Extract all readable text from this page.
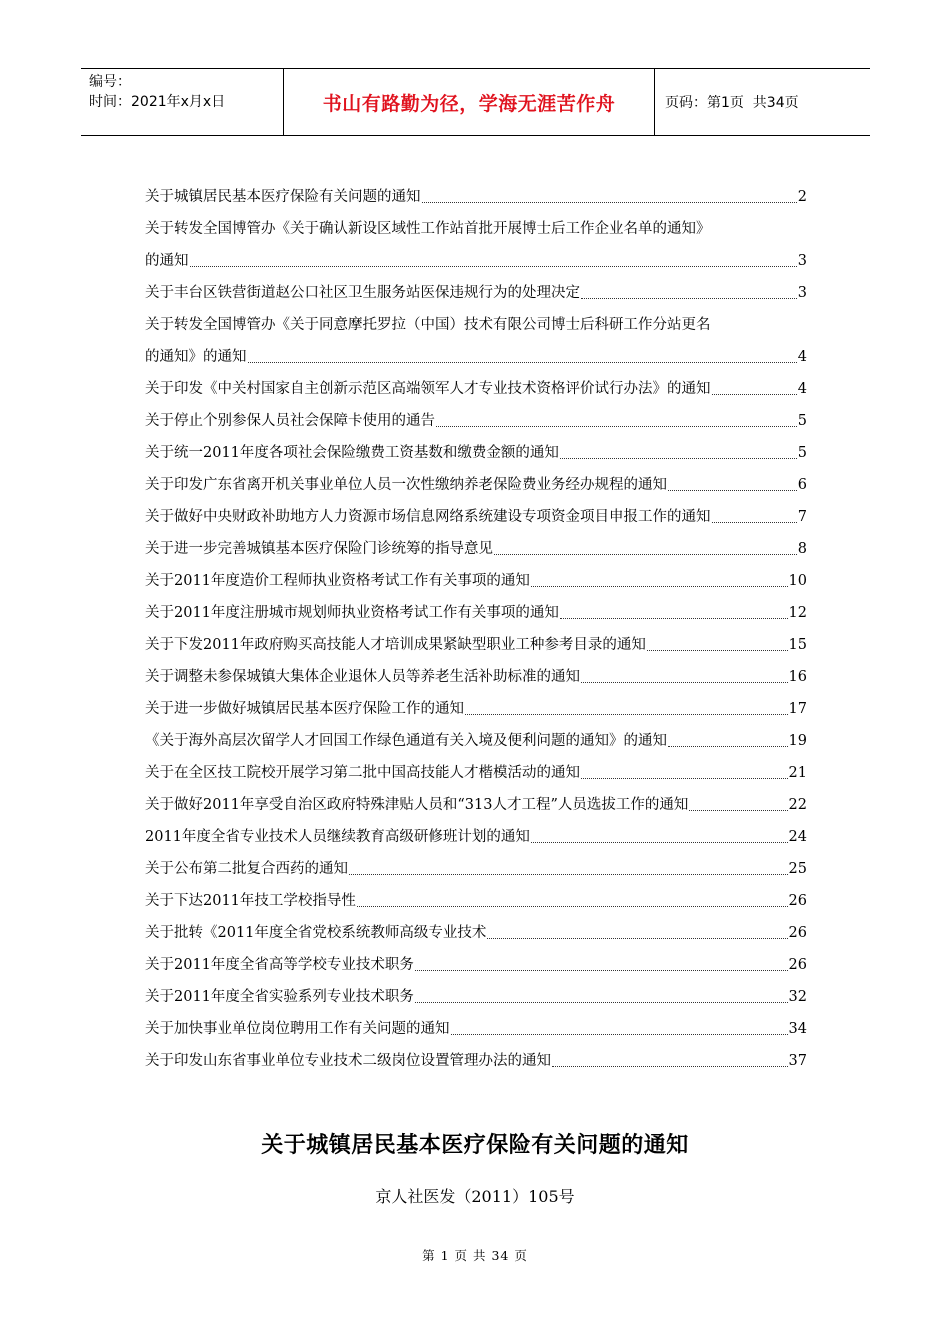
编号：
时间：2021年x月x日	书山有路勤为径，学海无涯苦作舟	页码：第1页  共34页
关于城镇居民基本医疗保险有关问题的通知	2
关于转发全国博管办《关于确认新设区域性工作站首批开展博士后工作企业名单的通知》
的通知	3
关于丰台区铁营街道赵公口社区卫生服务站医保违规行为的处理决定	3
关于转发全国博管办《关于同意摩托罗拉（中国）技术有限公司博士后科研工作分站更名
的通知》的通知	4
关于印发《中关村国家自主创新示范区高端领军人才专业技术资格评价试行办法》的通知	4
关于停止个别参保人员社会保障卡使用的通告	5
关于统一2011年度各项社会保险缴费工资基数和缴费金额的通知	5
关于印发广东省离开机关事业单位人员一次性缴纳养老保险费业务经办规程的通知	6
关于做好中央财政补助地方人力资源市场信息网络系统建设专项资金项目申报工作的通知	7
关于进一步完善城镇基本医疗保险门诊统筹的指导意见	8
关于2011年度造价工程师执业资格考试工作有关事项的通知	10
关于2011年度注册城市规划师执业资格考试工作有关事项的通知	12
关于下发2011年政府购买高技能人才培训成果紧缺型职业工种参考目录的通知	15
关于调整未参保城镇大集体企业退休人员等养老生活补助标准的通知	16
关于进一步做好城镇居民基本医疗保险工作的通知	17
《关于海外高层次留学人才回国工作绿色通道有关入境及便利问题的通知》的通知	19
关于在全区技工院校开展学习第二批中国高技能人才楷模活动的通知	21
关于做好2011年享受自治区政府特殊津贴人员和“313人才工程”人员选拔工作的通知	22
2011年度全省专业技术人员继续教育高级研修班计划的通知	24
关于公布第二批复合西药的通知	25
关于下达2011年技工学校指导性	26
关于批转《2011年度全省党校系统教师高级专业技术	26
关于2011年度全省高等学校专业技术职务	26
关于2011年度全省实验系列专业技术职务	32
关于加快事业单位岗位聘用工作有关问题的通知	34
关于印发山东省事业单位专业技术二级岗位设置管理办法的通知	37
关于城镇居民基本医疗保险有关问题的通知
京人社医发（2011）105号
第 1 页 共 34 页
